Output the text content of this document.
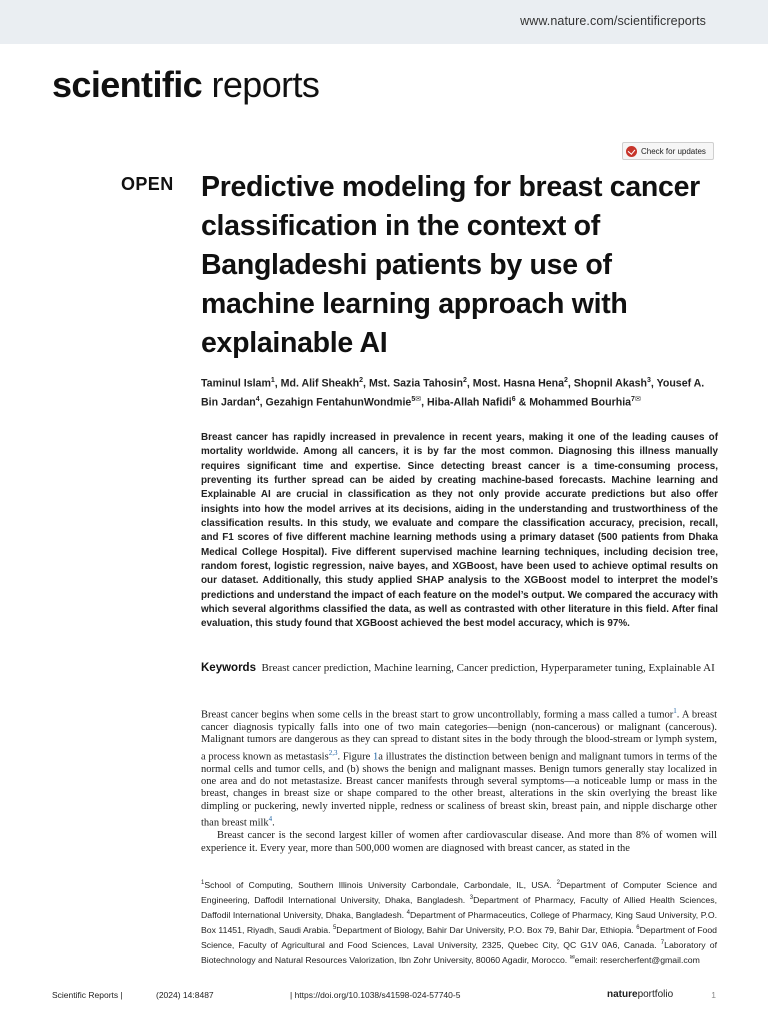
www.nature.com/scientificreports
scientific reports
Check for updates
OPEN Predictive modeling for breast cancer classification in the context of Bangladeshi patients by use of machine learning approach with explainable AI
Taminul Islam$^1$, Md. Alif Sheakh$^2$, Mst. Sazia Tahosin$^2$, Most. Hasna Hena$^2$, Shopnil Akash$^3$, Yousef A. Bin Jardan$^4$, Gezahign FentahunWondmie$^{5✉}$, Hiba-Allah Nafidi$^6$ & Mohammed Bourhia$^{7✉}$

Breast cancer has rapidly increased in prevalence in recent years, making it one of the leading causes of mortality worldwide. Among all cancers, it is by far the most common. Diagnosing this illness manually requires significant time and expertise. Since detecting breast cancer is a time-consuming process, preventing its further spread can be aided by creating machine-based forecasts. Machine learning and Explainable AI are crucial in classification as they not only provide accurate predictions but also offer insights into how the model arrives at its decisions, aiding in the understanding and trustworthiness of the classification results. In this study, we evaluate and compare the classification accuracy, precision, recall, and F1 scores of five different machine learning methods using a primary dataset (500 patients from Dhaka Medical College Hospital). Five different supervised machine learning techniques, including decision tree, random forest, logistic regression, naive bayes, and XGBoost, have been used to achieve optimal results on our dataset. Additionally, this study applied SHAP analysis to the XGBoost model to interpret the model’s predictions and understand the impact of each feature on the model’s output. We compared the accuracy with which several algorithms classified the data, as well as contrasted with other literature in this field. After final evaluation, this study found that XGBoost achieved the best model accuracy, which is 97%.

Keywords Breast cancer prediction, Machine learning, Cancer prediction, Hyperparameter tuning, Explainable AI

Breast cancer begins when some cells in the breast start to grow uncontrollably, forming a mass called a tumor$^1$. A breast cancer diagnosis typically falls into one of two main categories—benign (non-cancerous) or malignant (cancerous). Malignant tumors are dangerous as they can spread to distant sites in the body through the blood-stream or lymph system, a process known as metastasis$^{2,3}$. Figure 1a illustrates the distinction between benign and malignant tumors in terms of the normal cells and tumor cells, and (b) shows the benign and malignant masses. Benign tumors generally stay localized in one area and do not metastasize. Breast cancer manifests through several symptoms—a noticeable lump or mass in the breast, changes in breast size or shape compared to the other breast, alterations in the skin overlying the breast like dimpling or puckering, newly inverted nipple, redness or scaliness of breast skin, breast pain, and nipple discharge other than breast milk$^4$.

Breast cancer is the second largest killer of women after cardiovascular disease. And more than 8% of women will experience it. Every year, more than 500,000 women are diagnosed with breast cancer, as stated in the

$^1$School of Computing, Southern Illinois University Carbondale, Carbondale, IL, USA. $^2$Department of Computer Science and Engineering, Daffodil International University, Dhaka, Bangladesh. $^3$Department of Pharmacy, Faculty of Allied Health Sciences, Daffodil International University, Dhaka, Bangladesh. $^4$Department of Pharmaceutics, College of Pharmacy, King Saud University, P.O. Box 11451, Riyadh, Saudi Arabia. $^5$Department of Biology, Bahir Dar University, P.O. Box 79, Bahir Dar, Ethiopia. $^6$Department of Food Science, Faculty of Agricultural and Food Sciences, Laval University, 2325, Quebec City, QC G1V 0A6, Canada. $^7$Laboratory of Biotechnology and Natural Resources Valorization, Ibn Zohr University, 80060 Agadir, Morocco. ✉email: resercherfent@gmail.com
Scientific Reports |	(2024) 14:8487	| https://doi.org/10.1038/s41598-024-57740-5	natureportfolio	1
